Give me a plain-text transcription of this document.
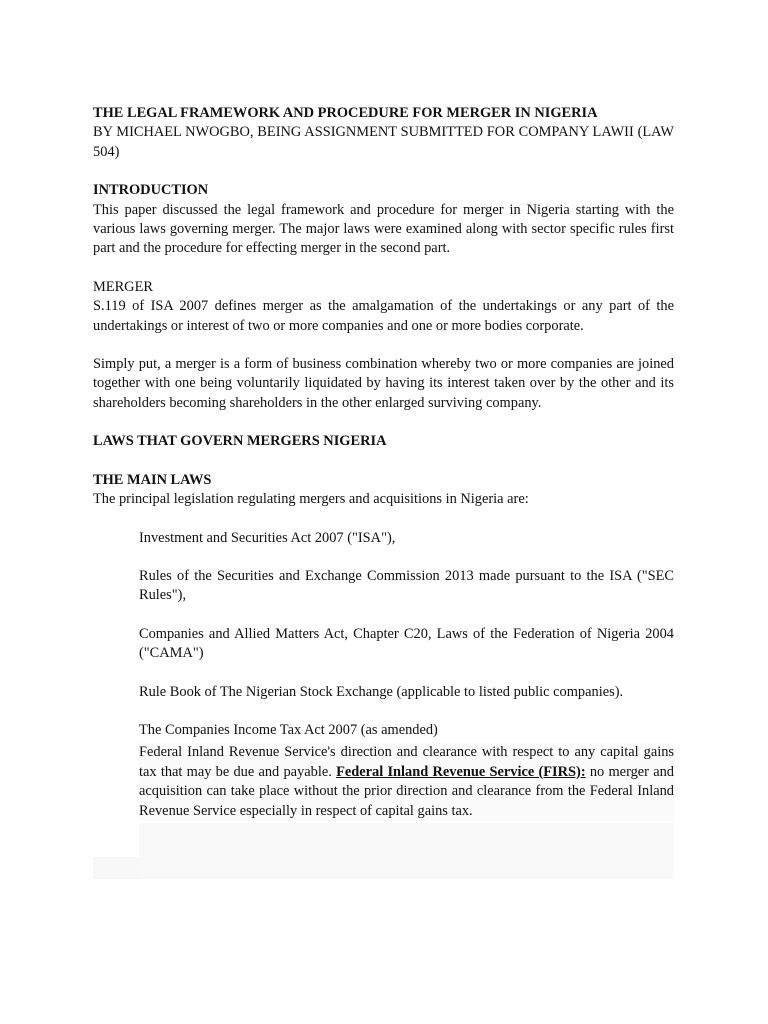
THE LEGAL FRAMEWORK AND PROCEDURE FOR MERGER IN NIGERIA

BY MICHAEL NWOGBO, BEING ASSIGNMENT SUBMITTED FOR COMPANY LAWII (LAW 504)

INTRODUCTION

This paper discussed the legal framework and procedure for merger in Nigeria starting with the various laws governing merger. The major laws were examined along with sector specific rules first part and the procedure for effecting merger in the second part.

MERGER

S.119 of ISA 2007 defines merger as the amalgamation of the undertakings or any part of the undertakings or interest of two or more companies and one or more bodies corporate.

Simply put, a merger is a form of business combination whereby two or more companies are joined together with one being voluntarily liquidated by having its interest taken over by the other and its shareholders becoming shareholders in the other enlarged surviving company.

LAWS THAT GOVERN MERGERS NIGERIA

THE MAIN LAWS

The principal legislation regulating mergers and acquisitions in Nigeria are:

Investment and Securities Act 2007 ("ISA"),

Rules of the Securities and Exchange Commission 2013 made pursuant to the ISA ("SEC Rules"),

Companies and Allied Matters Act, Chapter C20, Laws of the Federation of Nigeria 2004 ("CAMA")

Rule Book of The Nigerian Stock Exchange (applicable to listed public companies).

The Companies Income Tax Act 2007 (as amended)

Federal Inland Revenue Service's direction and clearance with respect to any capital gains tax that may be due and payable. Federal Inland Revenue Service (FIRS): no merger and acquisition can take place without the prior direction and clearance from the Federal Inland Revenue Service especially in respect of capital gains tax.
